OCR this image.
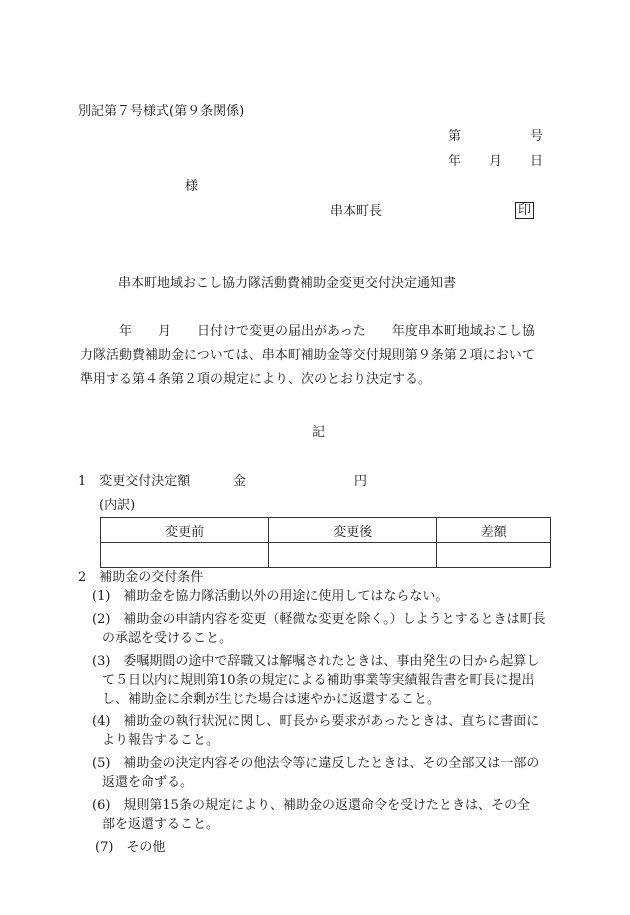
別記第７号様式(第９条関係)
第	号
年 月 日
様
串本町長	印
串本町地域おこし協力隊活動費補助金変更交付決定通知書
年　　月　　日付けで変更の届出があった　　年度串本町地域おこし協
力隊活動費補助金については、串本町補助金等交付規則第９条第２項において
準用する第４条第２項の規定により、次のとおり決定する。
記
1　変更交付決定額	金	円
(内訳)
変更前	変更後	差額

2　補助金の交付条件
(1)　補助金を協力隊活動以外の用途に使用してはならない。
(2)　補助金の申請内容を変更（軽微な変更を除く。）しようとするときは町長
の承認を受けること。
(3)　委嘱期間の途中で辞職又は解嘱されたときは、事由発生の日から起算し
て５日以内に規則第10条の規定による補助事業等実績報告書を町長に提出
し、補助金に余剰が生じた場合は速やかに返還すること。
(4)　補助金の執行状況に関し、町長から要求があったときは、直ちに書面に
より報告すること。
(5)　補助金の決定内容その他法令等に違反したときは、その全部又は一部の
返還を命ずる。
(6)　規則第15条の規定により、補助金の返還命令を受けたときは、その全
部を返還すること。
(7)　その他
